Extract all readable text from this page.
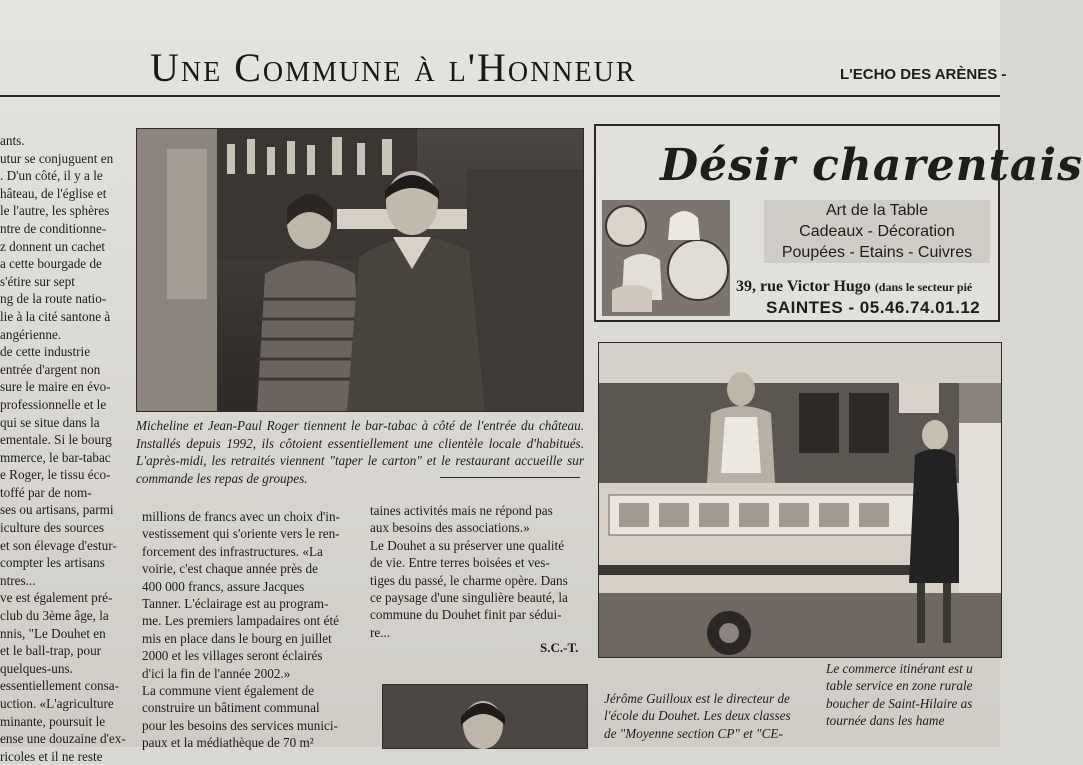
Une Commune à l'Honneur	L'ECHO DES ARÈNES -
ants.
utur se conjuguent en
. D'un côté, il y a le
hâteau, de l'église et
le l'autre, les sphères
ntre de conditionne-
z donnent un cachet
a cette bourgade de
s'étire sur sept
ng de la route natio-
lie à la cité santone à
angérienne.
de cette industrie
entrée d'argent non
sure le maire en évo-
professionnelle et le
qui se situe dans la
ementale. Si le bourg
mmerce, le bar-tabac
e Roger, le tissu éco-
toffé par de nom-
ses ou artisans, parmi
iculture des sources
et son élevage d'estur-
compter les artisans
ntres...
ve est également pré-
club du 3ème âge, la
nnis, "Le Douhet en
et le ball-trap, pour
quelques-uns.
essentiellement consa-
uction. «L'agriculture
minante, poursuit le
ense une douzaine d'ex-
ricoles et il ne reste
Micheline et Jean-Paul Roger tiennent le bar-tabac à côté de l'entrée du château. Installés depuis 1992, ils côtoient essentiellement une clientèle locale d'habitués. L'après-midi, les retraités viennent "taper le carton" et le restaurant accueille sur commande les repas de groupes.
millions de francs avec un choix d'in-
vestissement qui s'oriente vers le ren-
forcement des infrastructures. «La
voirie, c'est chaque année près de
400 000 francs, assure Jacques
Tanner. L'éclairage est au program-
me. Les premiers lampadaires ont été
mis en place dans le bourg en juillet
2000 et les villages seront éclairés
d'ici la fin de l'année 2002.»
La commune vient également de
construire un bâtiment communal
pour les besoins des services munici-
paux et la médiathèque de 70 m²
taines activités mais ne répond pas
aux besoins des associations.»
Le Douhet a su préserver une qualité
de vie. Entre terres boisées et ves-
tiges du passé, le charme opère. Dans
ce paysage d'une singulière beauté, la
commune du Douhet finit par sédui-
re...
S.C.-T.
Jérôme Guilloux est le directeur de
l'école du Douhet. Les deux classes
de "Moyenne section CP" et "CE-
Désir charentais
Art de la Table
Cadeaux - Décoration
Poupées - Etains - Cuivres
39, rue Victor Hugo (dans le secteur pié
SAINTES - 05.46.74.01.12
Le commerce itinérant est u
table service en zone rurale
boucher de Saint-Hilaire as
tournée dans les hame
